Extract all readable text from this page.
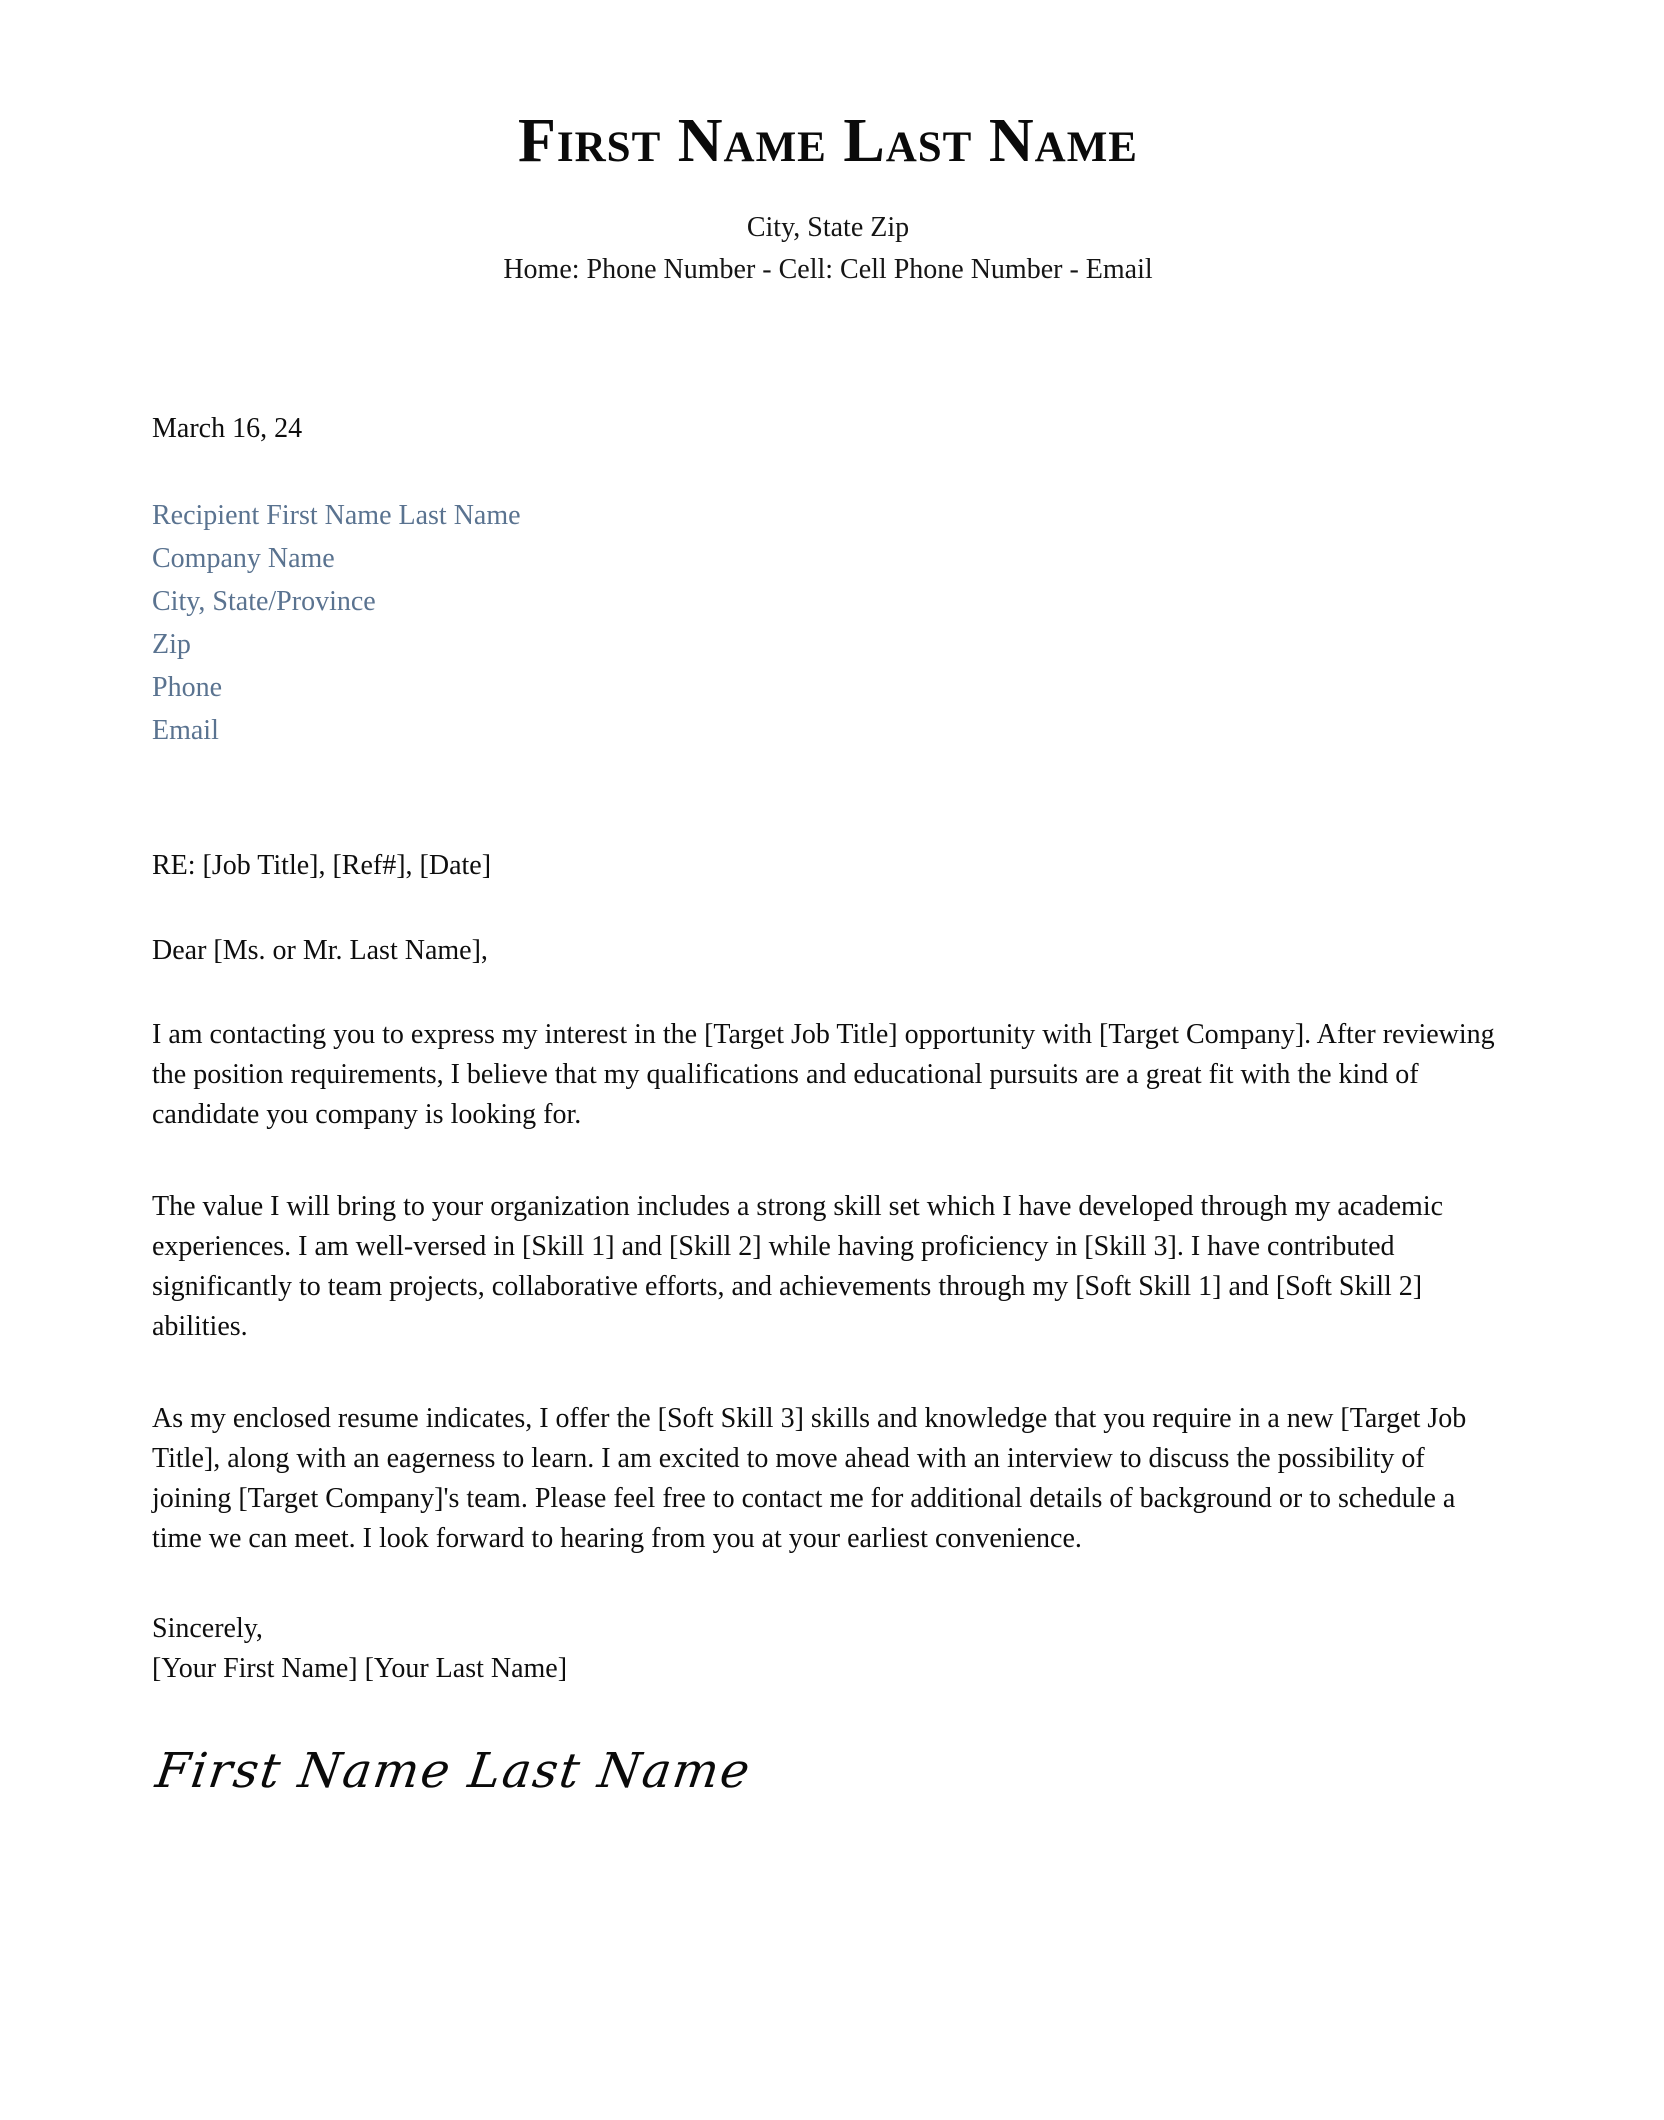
First Name Last Name
City, State Zip
Home: Phone Number - Cell: Cell Phone Number - Email
March 16, 24
Recipient First Name Last Name
Company Name
City, State/Province
Zip
Phone
Email
RE: [Job Title], [Ref#], [Date]
Dear [Ms. or Mr. Last Name],

I am contacting you to express my interest in the [Target Job Title] opportunity with [Target Company]. After reviewing the position requirements, I believe that my qualifications and educational pursuits are a great fit with the kind of candidate you company is looking for.

The value I will bring to your organization includes a strong skill set which I have developed through my academic experiences. I am well-versed in [Skill 1] and [Skill 2] while having proficiency in [Skill 3]. I have contributed significantly to team projects, collaborative efforts, and achievements through my [Soft Skill 1] and [Soft Skill 2] abilities.

As my enclosed resume indicates, I offer the [Soft Skill 3] skills and knowledge that you require in a new [Target Job Title], along with an eagerness to learn. I am excited to move ahead with an interview to discuss the possibility of joining [Target Company]'s team. Please feel free to contact me for additional details of background or to schedule a time we can meet. I look forward to hearing from you at your earliest convenience.

Sincerely,
[Your First Name] [Your Last Name]
First Name Last Name
